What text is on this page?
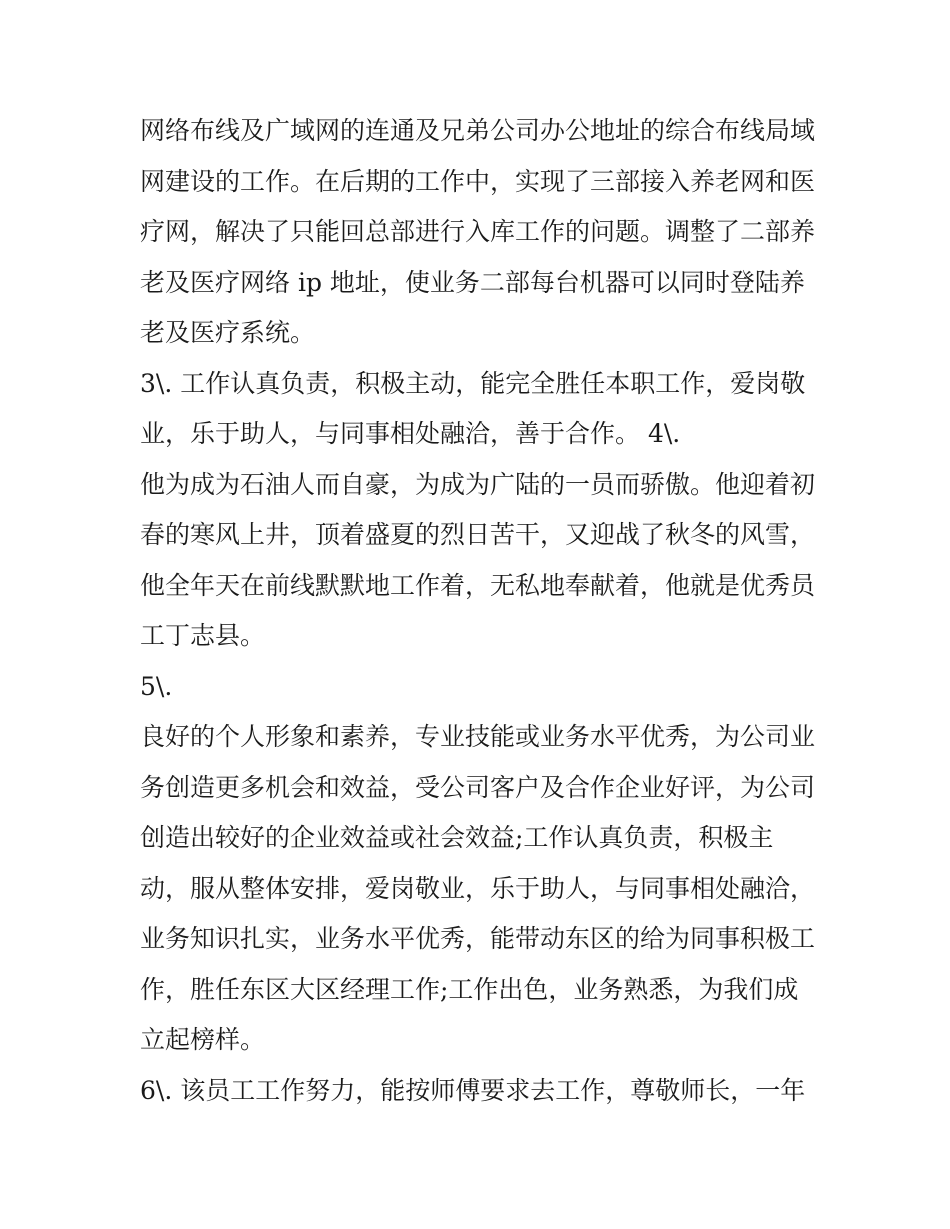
网络布线及广域网的连通及兄弟公司办公地址的综合布线局域
网建设的工作。在后期的工作中，实现了三部接入养老网和医
疗网，解决了只能回总部进行入库工作的问题。调整了二部养
老及医疗网络 ip 地址，使业务二部每台机器可以同时登陆养
老及医疗系统。
3\. 工作认真负责，积极主动，能完全胜任本职工作，爱岗敬
业，乐于助人，与同事相处融洽，善于合作。 4\.
他为成为石油人而自豪，为成为广陆的一员而骄傲。他迎着初
春的寒风上井，顶着盛夏的烈日苦干，又迎战了秋冬的风雪，
他全年天在前线默默地工作着，无私地奉献着，他就是优秀员
工丁志县。
5\.
良好的个人形象和素养，专业技能或业务水平优秀，为公司业
务创造更多机会和效益，受公司客户及合作企业好评，为公司
创造出较好的企业效益或社会效益;工作认真负责，积极主
动，服从整体安排，爱岗敬业，乐于助人，与同事相处融洽，
业务知识扎实，业务水平优秀，能带动东区的给为同事积极工
作，胜任东区大区经理工作;工作出色，业务熟悉，为我们成
立起榜样。
6\. 该员工工作努力，能按师傅要求去工作，尊敬师长，一年
